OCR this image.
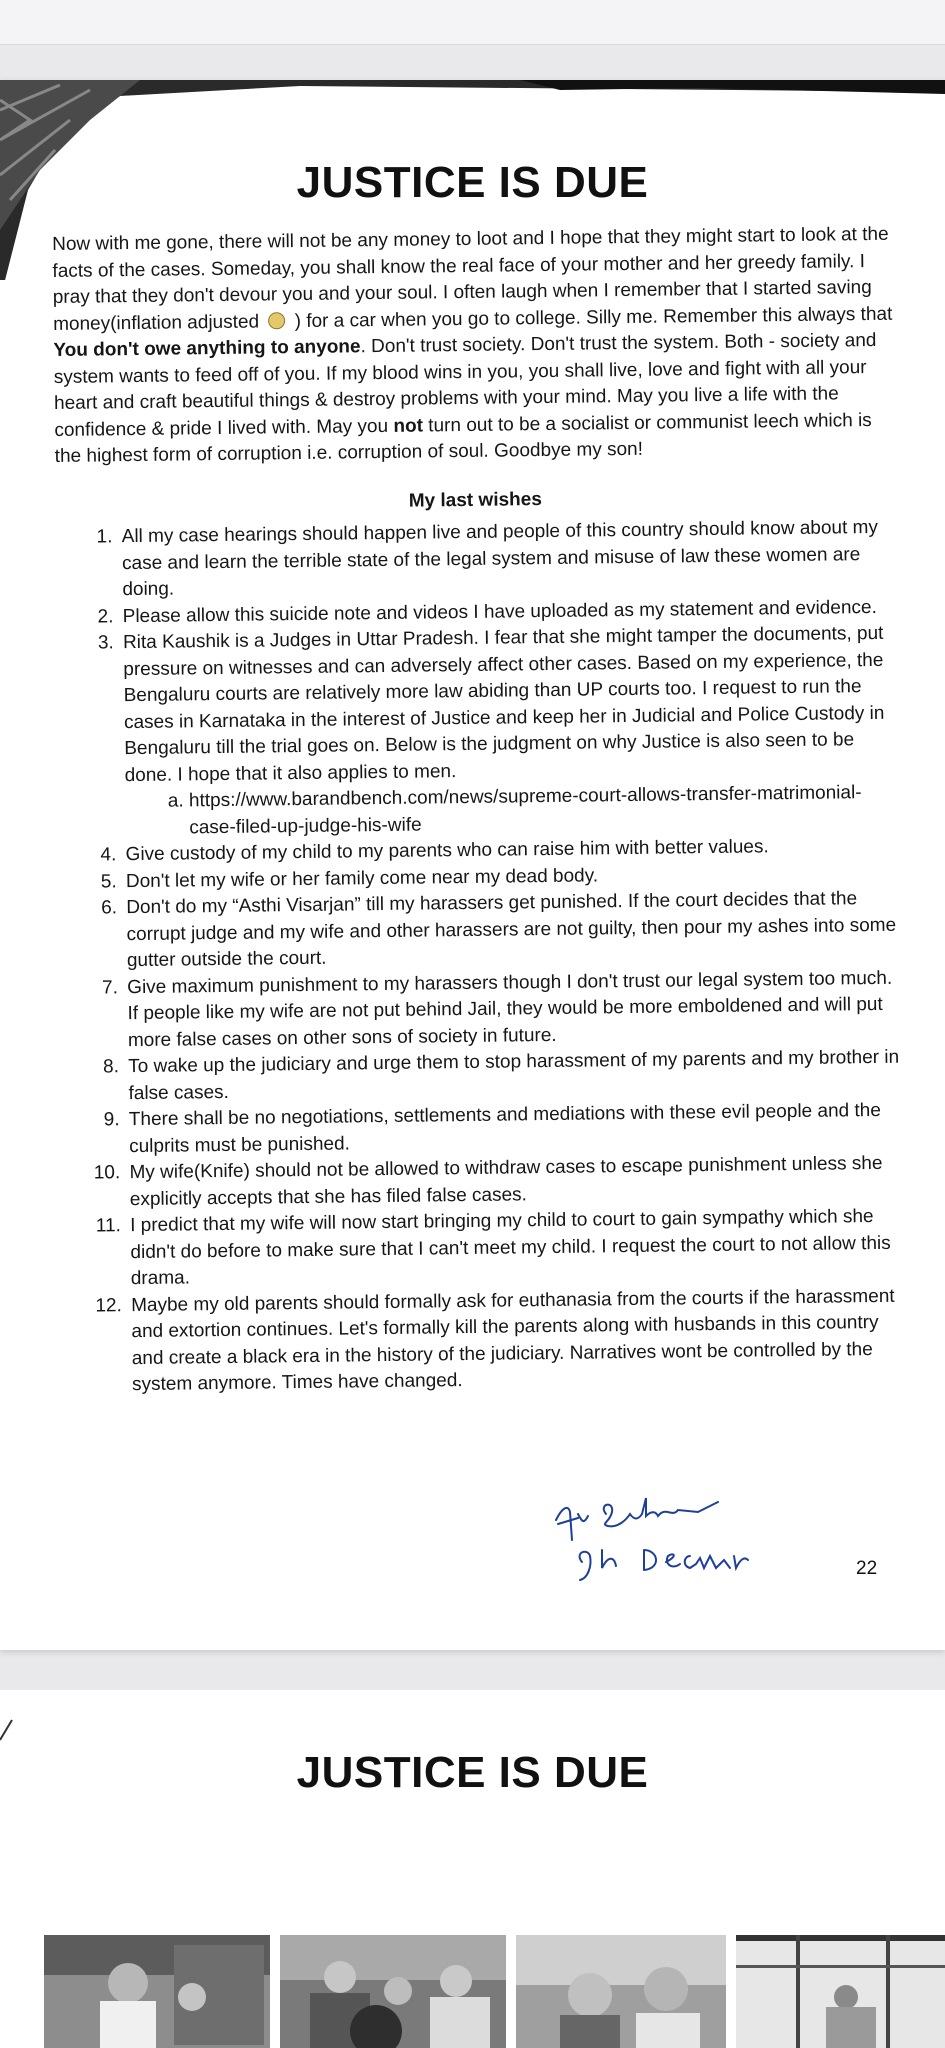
JUSTICE IS DUE

Now with me gone, there will not be any money to loot and I hope that they might start to look at the facts of the cases. Someday, you shall know the real face of your mother and her greedy family. I pray that they don't devour you and your soul. I often laugh when I remember that I started saving money(inflation adjusted ) for a car when you go to college. Silly me. Remember this always that You don't owe anything to anyone. Don't trust society. Don't trust the system. Both - society and system wants to feed off of you. If my blood wins in you, you shall live, love and fight with all your heart and craft beautiful things & destroy problems with your mind. May you live a life with the confidence & pride I lived with. May you not turn out to be a socialist or communist leech which is the highest form of corruption i.e. corruption of soul. Goodbye my son!

My last wishes
1. All my case hearings should happen live and people of this country should know about my case and learn the terrible state of the legal system and misuse of law these women are doing.
2. Please allow this suicide note and videos I have uploaded as my statement and evidence.
3. Rita Kaushik is a Judges in Uttar Pradesh. I fear that she might tamper the documents, put pressure on witnesses and can adversely affect other cases. Based on my experience, the Bengaluru courts are relatively more law abiding than UP courts too. I request to run the cases in Karnataka in the interest of Justice and keep her in Judicial and Police Custody in Bengaluru till the trial goes on. Below is the judgment on why Justice is also seen to be done. I hope that it also applies to men.
a. https://www.barandbench.com/news/supreme-court-allows-transfer-matrimonial-case-filed-up-judge-his-wife
4. Give custody of my child to my parents who can raise him with better values.
5. Don't let my wife or her family come near my dead body.
6. Don't do my “Asthi Visarjan” till my harassers get punished. If the court decides that the corrupt judge and my wife and other harassers are not guilty, then pour my ashes into some gutter outside the court.
7. Give maximum punishment to my harassers though I don't trust our legal system too much. If people like my wife are not put behind Jail, they would be more emboldened and will put more false cases on other sons of society in future.
8. To wake up the judiciary and urge them to stop harassment of my parents and my brother in false cases.
9. There shall be no negotiations, settlements and mediations with these evil people and the culprits must be punished.
10. My wife(Knife) should not be allowed to withdraw cases to escape punishment unless she explicitly accepts that she has filed false cases.
11. I predict that my wife will now start bringing my child to court to gain sympathy which she didn't do before to make sure that I can't meet my child. I request the court to not allow this drama.
12. Maybe my old parents should formally ask for euthanasia from the courts if the harassment and extortion continues. Let's formally kill the parents along with husbands in this country and create a black era in the history of the judiciary. Narratives wont be controlled by the system anymore. Times have changed.
22
JUSTICE IS DUE
